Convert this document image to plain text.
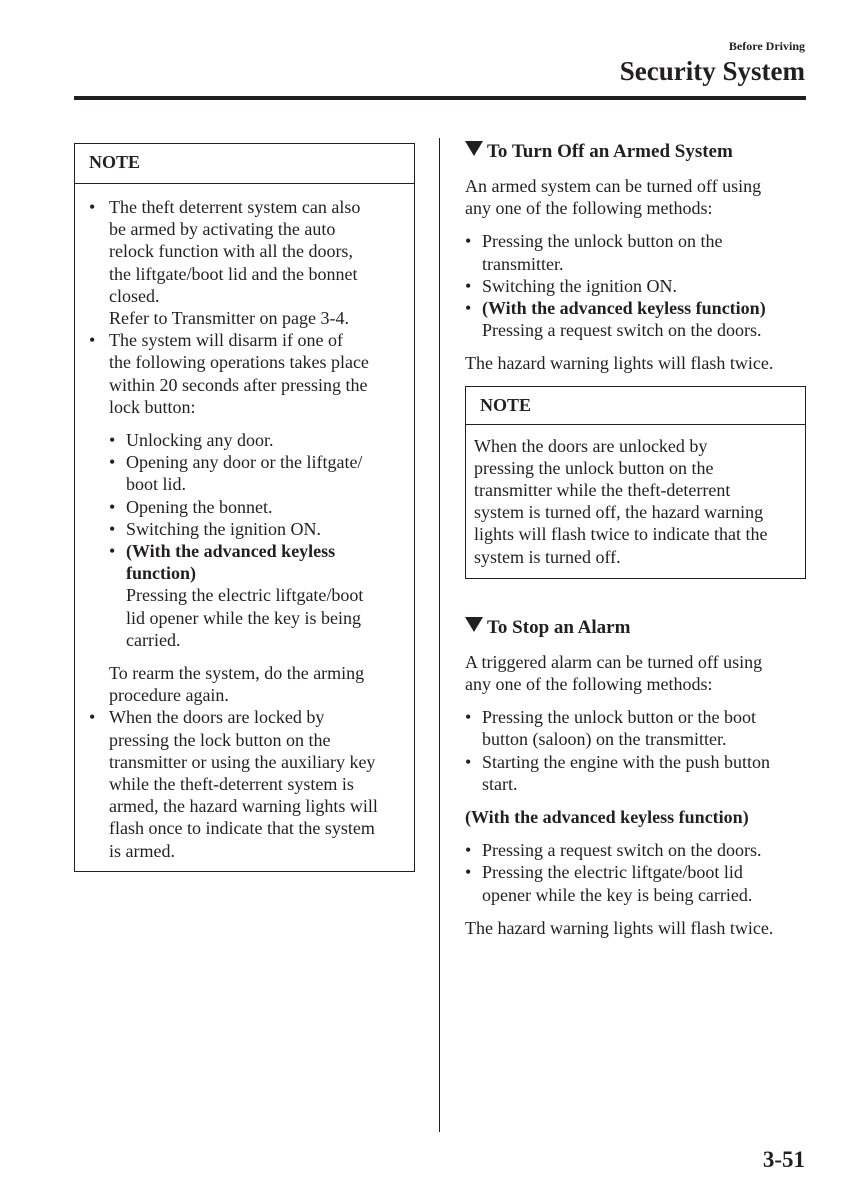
Before Driving
Security System
NOTE
• The theft deterrent system can also
be armed by activating the auto
relock function with all the doors,
the liftgate/boot lid and the bonnet
closed.
Refer to Transmitter on page 3-4.
• The system will disarm if one of
the following operations takes place
within 20 seconds after pressing the
lock button:
• Unlocking any door.
• Opening any door or the liftgate/
boot lid.
• Opening the bonnet.
• Switching the ignition ON.
• (With the advanced keyless
function)
Pressing the electric liftgate/boot
lid opener while the key is being
carried.
To rearm the system, do the arming
procedure again.
• When the doors are locked by
pressing the lock button on the
transmitter or using the auxiliary key
while the theft-deterrent system is
armed, the hazard warning lights will
flash once to indicate that the system
is armed.
To Turn Off an Armed System

An armed system can be turned off using
any one of the following methods:

• Pressing the unlock button on the
transmitter.
• Switching the ignition ON.
• (With the advanced keyless function)
Pressing a request switch on the doors.

The hazard warning lights will flash twice.

NOTE
When the doors are unlocked by
pressing the unlock button on the
transmitter while the theft-deterrent
system is turned off, the hazard warning
lights will flash twice to indicate that the
system is turned off.
To Stop an Alarm

A triggered alarm can be turned off using
any one of the following methods:

• Pressing the unlock button or the boot
button (saloon) on the transmitter.
• Starting the engine with the push button
start.

(With the advanced keyless function)

• Pressing a request switch on the doors.
• Pressing the electric liftgate/boot lid
opener while the key is being carried.

The hazard warning lights will flash twice.

3-51
